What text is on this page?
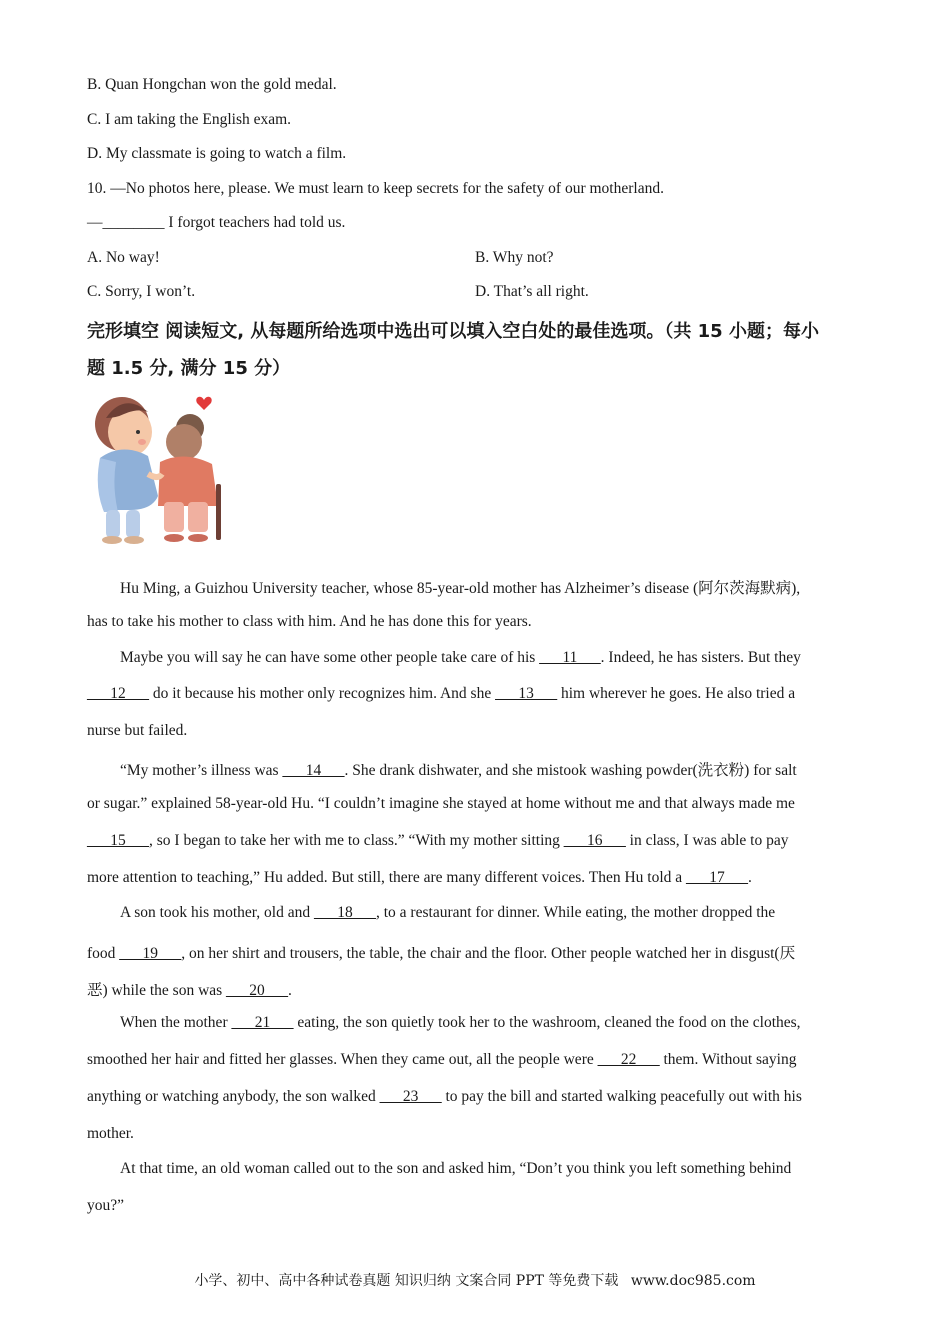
B. Quan Hongchan won the gold medal.
C. I am taking the English exam.
D. My classmate is going to watch a film.
10. —No photos here, please. We must learn to keep secrets for the safety of our motherland.
—________ I forgot teachers had told us.
A. No way!	B. Why not?
C. Sorry, I won’t.	D. That’s all right.
完形填空 阅读短文, 从每题所给选项中选出可以填入空白处的最佳选项。（共 15 小题；每小
题 1.5 分, 满分 15 分）
Hu Ming, a Guizhou University teacher, whose 85-year-old mother has Alzheimer’s disease (阿尔茨海默病),
has to take his mother to class with him. And he has done this for years.
Maybe you will say he can have some other people take care of his ___11___. Indeed, he has sisters. But they
___12___ do it because his mother only recognizes him. And she ___13___ him wherever he goes. He also tried a
nurse but failed.
“My mother’s illness was ___14___. She drank dishwater, and she mistook washing powder(洗衣粉) for salt
or sugar.” explained 58-year-old Hu. “I couldn’t imagine she stayed at home without me and that always made me
___15___, so I began to take her with me to class.” “With my mother sitting ___16___ in class, I was able to pay
more attention to teaching,” Hu added. But still, there are many different voices. Then Hu told a ___17___.
A son took his mother, old and ___18___, to a restaurant for dinner. While eating, the mother dropped the
food ___19___, on her shirt and trousers, the table, the chair and the floor. Other people watched her in disgust(厌
恶) while the son was ___20___.
When the mother ___21___ eating, the son quietly took her to the washroom, cleaned the food on the clothes,
smoothed her hair and fitted her glasses. When they came out, all the people were ___22___ them. Without saying
anything or watching anybody, the son walked ___23___ to pay the bill and started walking peacefully out with his
mother.
At that time, an old woman called out to the son and asked him, “Don’t you think you left something behind
you?”
小学、初中、高中各种试卷真题 知识归纳 文案合同 PPT 等免费下载 www.doc985.com
